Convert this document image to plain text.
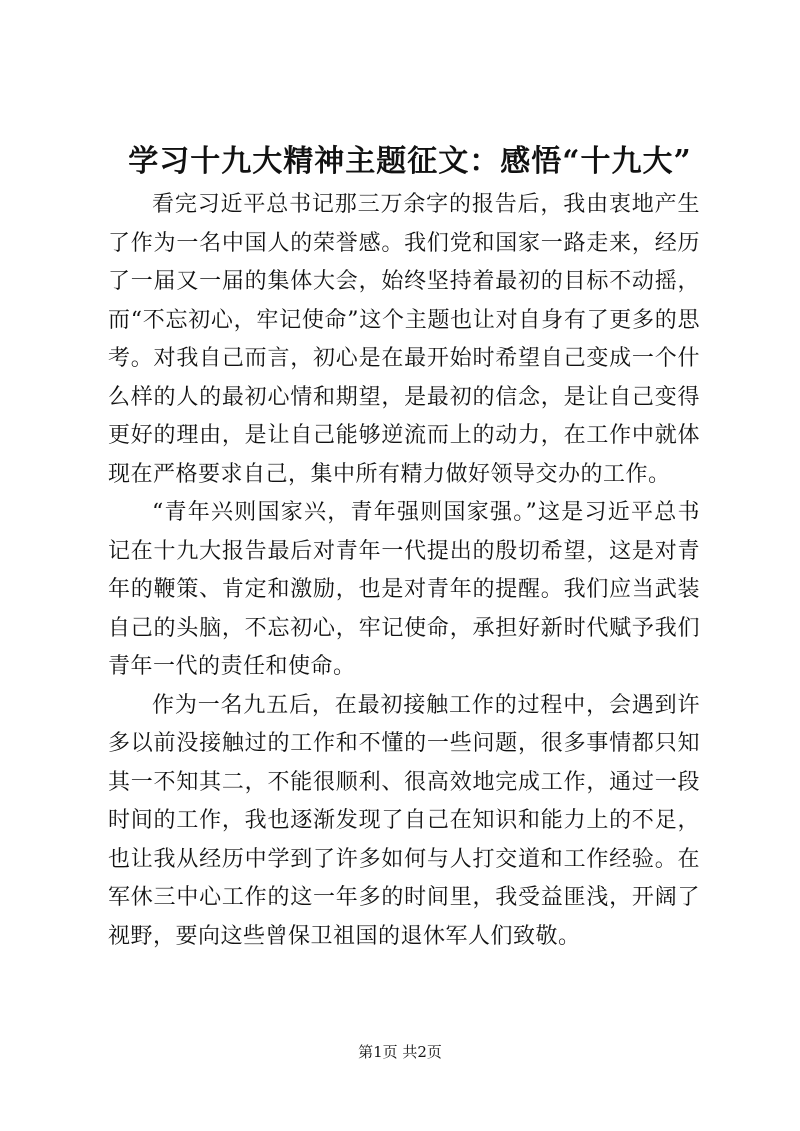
学习十九大精神主题征文：感悟“十九大”

看完习近平总书记那三万余字的报告后，我由衷地产生了作为一名中国人的荣誉感。我们党和国家一路走来，经历了一届又一届的集体大会，始终坚持着最初的目标不动摇，而“不忘初心，牢记使命”这个主题也让对自身有了更多的思考。对我自己而言，初心是在最开始时希望自己变成一个什么样的人的最初心情和期望，是最初的信念，是让自己变得更好的理由，是让自己能够逆流而上的动力，在工作中就体现在严格要求自己，集中所有精力做好领导交办的工作。

“青年兴则国家兴，青年强则国家强。”这是习近平总书记在十九大报告最后对青年一代提出的殷切希望，这是对青年的鞭策、肯定和激励，也是对青年的提醒。我们应当武装自己的头脑，不忘初心，牢记使命，承担好新时代赋予我们青年一代的责任和使命。

作为一名九五后，在最初接触工作的过程中，会遇到许多以前没接触过的工作和不懂的一些问题，很多事情都只知其一不知其二，不能很顺利、很高效地完成工作，通过一段时间的工作，我也逐渐发现了自己在知识和能力上的不足，也让我从经历中学到了许多如何与人打交道和工作经验。在军休三中心工作的这一年多的时间里，我受益匪浅，开阔了视野，要向这些曾保卫祖国的退休军人们致敬。

第1页 共2页
